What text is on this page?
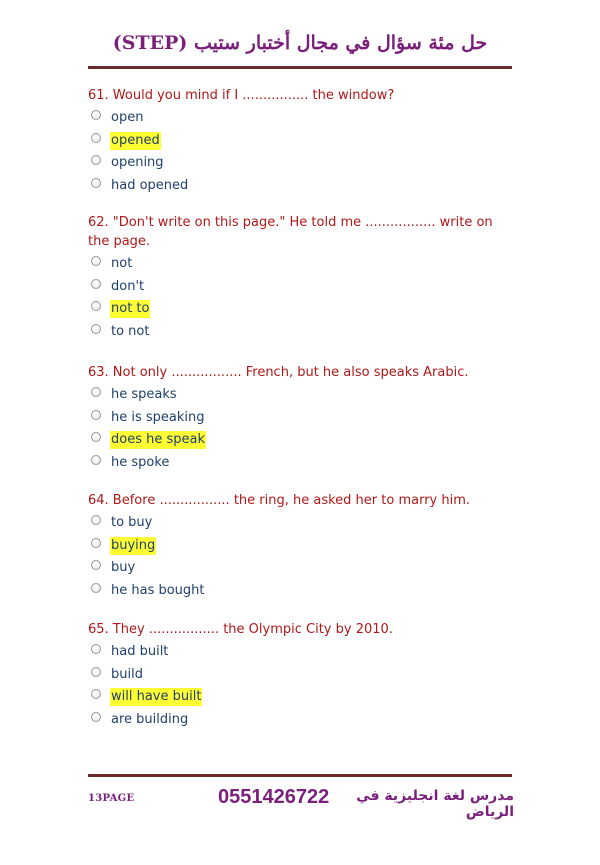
حل مئة سؤال في مجال أختبار ستيب (STEP)

61. Would you mind if I ................ the window?

open
opened
opening
had opened

62. "Don't write on this page." He told me ................. write on the page.

not
don't
not to
to not

63. Not only ................. French, but he also speaks Arabic.

he speaks
he is speaking
does he speak
he spoke

64. Before ................. the ring, he asked her to marry him.

to buy
buying
buy
he has bought

65. They ................. the Olympic City by 2010.

had built
build
will have built
are building
13PAGE	0551426722	مدرس لغة انجليزية في الرياض
